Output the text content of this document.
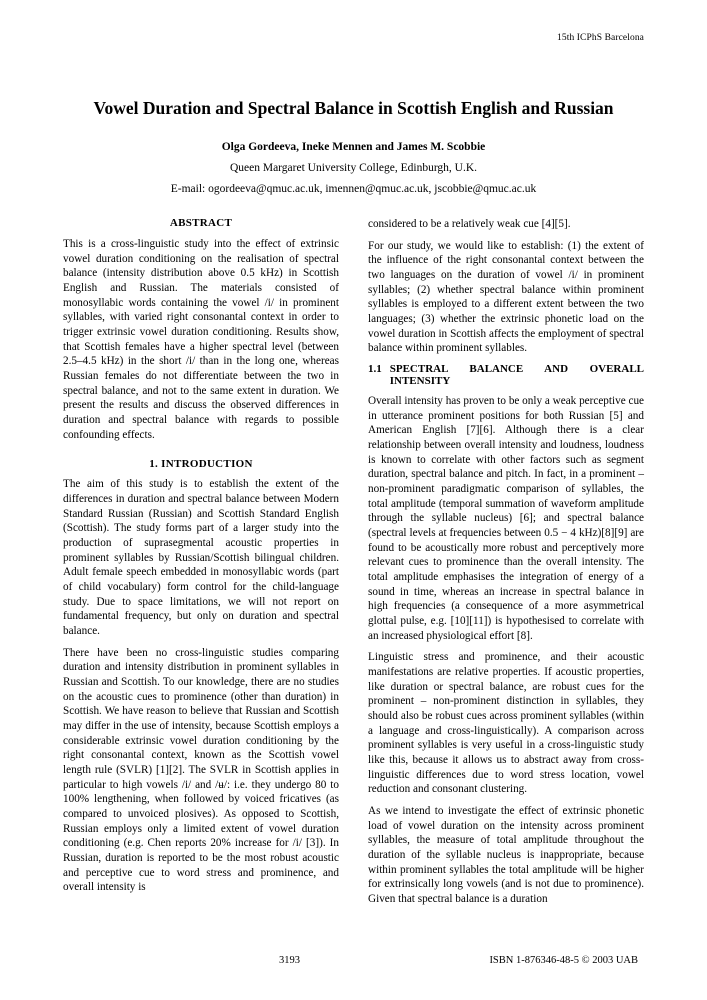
15th ICPhS Barcelona
Vowel Duration and Spectral Balance in Scottish English and Russian
Olga Gordeeva, Ineke Mennen and James M. Scobbie
Queen Margaret University College, Edinburgh, U.K.
E-mail: ogordeeva@qmuc.ac.uk, imennen@qmuc.ac.uk, jscobbie@qmuc.ac.uk
ABSTRACT

This is a cross-linguistic study into the effect of extrinsic vowel duration conditioning on the realisation of spectral balance (intensity distribution above 0.5 kHz) in Scottish English and Russian. The materials consisted of monosyllabic words containing the vowel /i/ in prominent syllables, with varied right consonantal context in order to trigger extrinsic vowel duration conditioning. Results show, that Scottish females have a higher spectral level (between 2.5–4.5 kHz) in the short /i/ than in the long one, whereas Russian females do not differentiate between the two in spectral balance, and not to the same extent in duration. We present the results and discuss the observed differences in duration and spectral balance with regards to possible confounding effects.

1. INTRODUCTION

The aim of this study is to establish the extent of the differences in duration and spectral balance between Modern Standard Russian (Russian) and Scottish Standard English (Scottish). The study forms part of a larger study into the production of suprasegmental acoustic properties in prominent syllables by Russian/Scottish bilingual children. Adult female speech embedded in monosyllabic words (part of child vocabulary) form control for the child-language study. Due to space limitations, we will not report on fundamental frequency, but only on duration and spectral balance.

There have been no cross-linguistic studies comparing duration and intensity distribution in prominent syllables in Russian and Scottish. To our knowledge, there are no studies on the acoustic cues to prominence (other than duration) in Scottish. We have reason to believe that Russian and Scottish may differ in the use of intensity, because Scottish employs a considerable extrinsic vowel duration conditioning by the right consonantal context, known as the Scottish vowel length rule (SVLR) [1][2]. The SVLR in Scottish applies in particular to high vowels /i/ and /ʉ/: i.e. they undergo 80 to 100% lengthening, when followed by voiced fricatives (as compared to unvoiced plosives). As opposed to Scottish, Russian employs only a limited extent of vowel duration conditioning (e.g. Chen reports 20% increase for /i/ [3]). In Russian, duration is reported to be the most robust acoustic and perceptive cue to word stress and prominence, and overall intensity is

considered to be a relatively weak cue [4][5].

For our study, we would like to establish: (1) the extent of the influence of the right consonantal context between the two languages on the duration of vowel /i/ in prominent syllables; (2) whether spectral balance within prominent syllables is employed to a different extent between the two languages; (3) whether the extrinsic phonetic load on the vowel duration in Scottish affects the employment of spectral balance within prominent syllables.

1.1 SPECTRAL BALANCE AND OVERALL INTENSITY

Overall intensity has proven to be only a weak perceptive cue in utterance prominent positions for both Russian [5] and American English [7][6]. Although there is a clear relationship between overall intensity and loudness, loudness is known to correlate with other factors such as segment duration, spectral balance and pitch. In fact, in a prominent – non-prominent paradigmatic comparison of syllables, the total amplitude (temporal summation of waveform amplitude through the syllable nucleus) [6]; and spectral balance (spectral levels at frequencies between 0.5 − 4 kHz)[8][9] are found to be acoustically more robust and perceptively more relevant cues to prominence than the overall intensity. The total amplitude emphasises the integration of energy of a sound in time, whereas an increase in spectral balance in high frequencies (a consequence of a more asymmetrical glottal pulse, e.g. [10][11]) is hypothesised to correlate with an increased physiological effort [8].

Linguistic stress and prominence, and their acoustic manifestations are relative properties. If acoustic properties, like duration or spectral balance, are robust cues for the prominent – non-prominent distinction in syllables, they should also be robust cues across prominent syllables (within a language and cross-linguistically). A comparison across prominent syllables is very useful in a cross-linguistic study like this, because it allows us to abstract away from cross-linguistic differences due to word stress location, vowel reduction and consonant clustering.

As we intend to investigate the effect of extrinsic phonetic load of vowel duration on the intensity across prominent syllables, the measure of total amplitude throughout the duration of the syllable nucleus is inappropriate, because within prominent syllables the total amplitude will be higher for extrinsically long vowels (and is not due to prominence). Given that spectral balance is a duration

3193	ISBN 1-876346-48-5 © 2003 UAB
